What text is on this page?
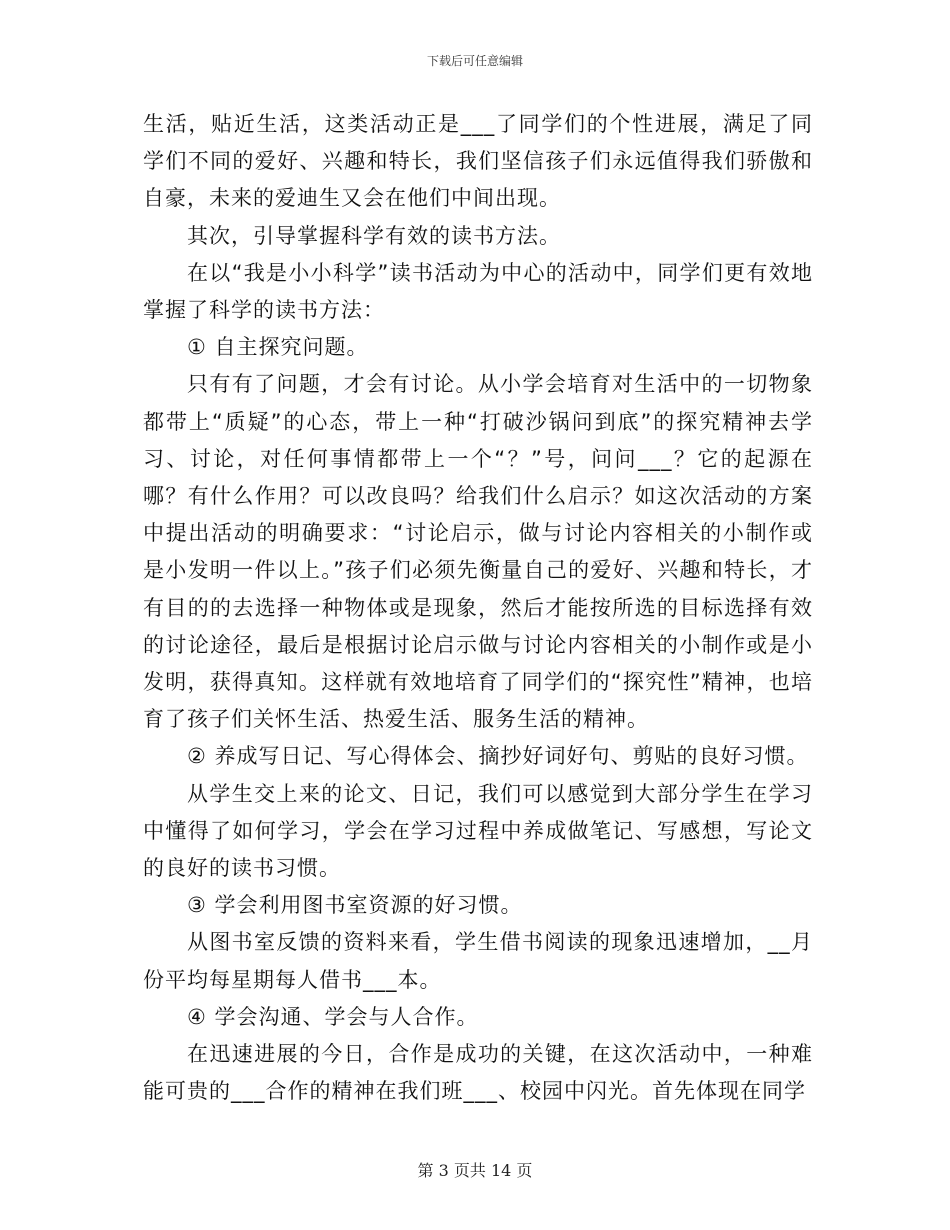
下载后可任意编辑

生活，贴近生活，这类活动正是___了同学们的个性进展，满足了同学们不同的爱好、兴趣和特长，我们坚信孩子们永远值得我们骄傲和自豪，未来的爱迪生又会在他们中间出现。

其次，引导掌握科学有效的读书方法。

在以“我是小小科学”读书活动为中心的活动中，同学们更有效地掌握了科学的读书方法：

① 自主探究问题。

只有有了问题，才会有讨论。从小学会培育对生活中的一切物象都带上“质疑”的心态，带上一种“打破沙锅问到底”的探究精神去学习、讨论，对任何事情都带上一个“？”号，问问___？它的起源在哪？有什么作用？可以改良吗？给我们什么启示？如这次活动的方案中提出活动的明确要求：“讨论启示，做与讨论内容相关的小制作或是小发明一件以上。”孩子们必须先衡量自己的爱好、兴趣和特长，才有目的的去选择一种物体或是现象，然后才能按所选的目标选择有效的讨论途径，最后是根据讨论启示做与讨论内容相关的小制作或是小发明，获得真知。这样就有效地培育了同学们的“探究性”精神，也培育了孩子们关怀生活、热爱生活、服务生活的精神。

② 养成写日记、写心得体会、摘抄好词好句、剪贴的良好习惯。

从学生交上来的论文、日记，我们可以感觉到大部分学生在学习中懂得了如何学习，学会在学习过程中养成做笔记、写感想，写论文的良好的读书习惯。

③ 学会利用图书室资源的好习惯。

从图书室反馈的资料来看，学生借书阅读的现象迅速增加，__月份平均每星期每人借书___本。

④ 学会沟通、学会与人合作。

在迅速进展的今日，合作是成功的关键，在这次活动中，一种难能可贵的___合作的精神在我们班___、校园中闪光。首先体现在同学

第 3 页共 14 页
